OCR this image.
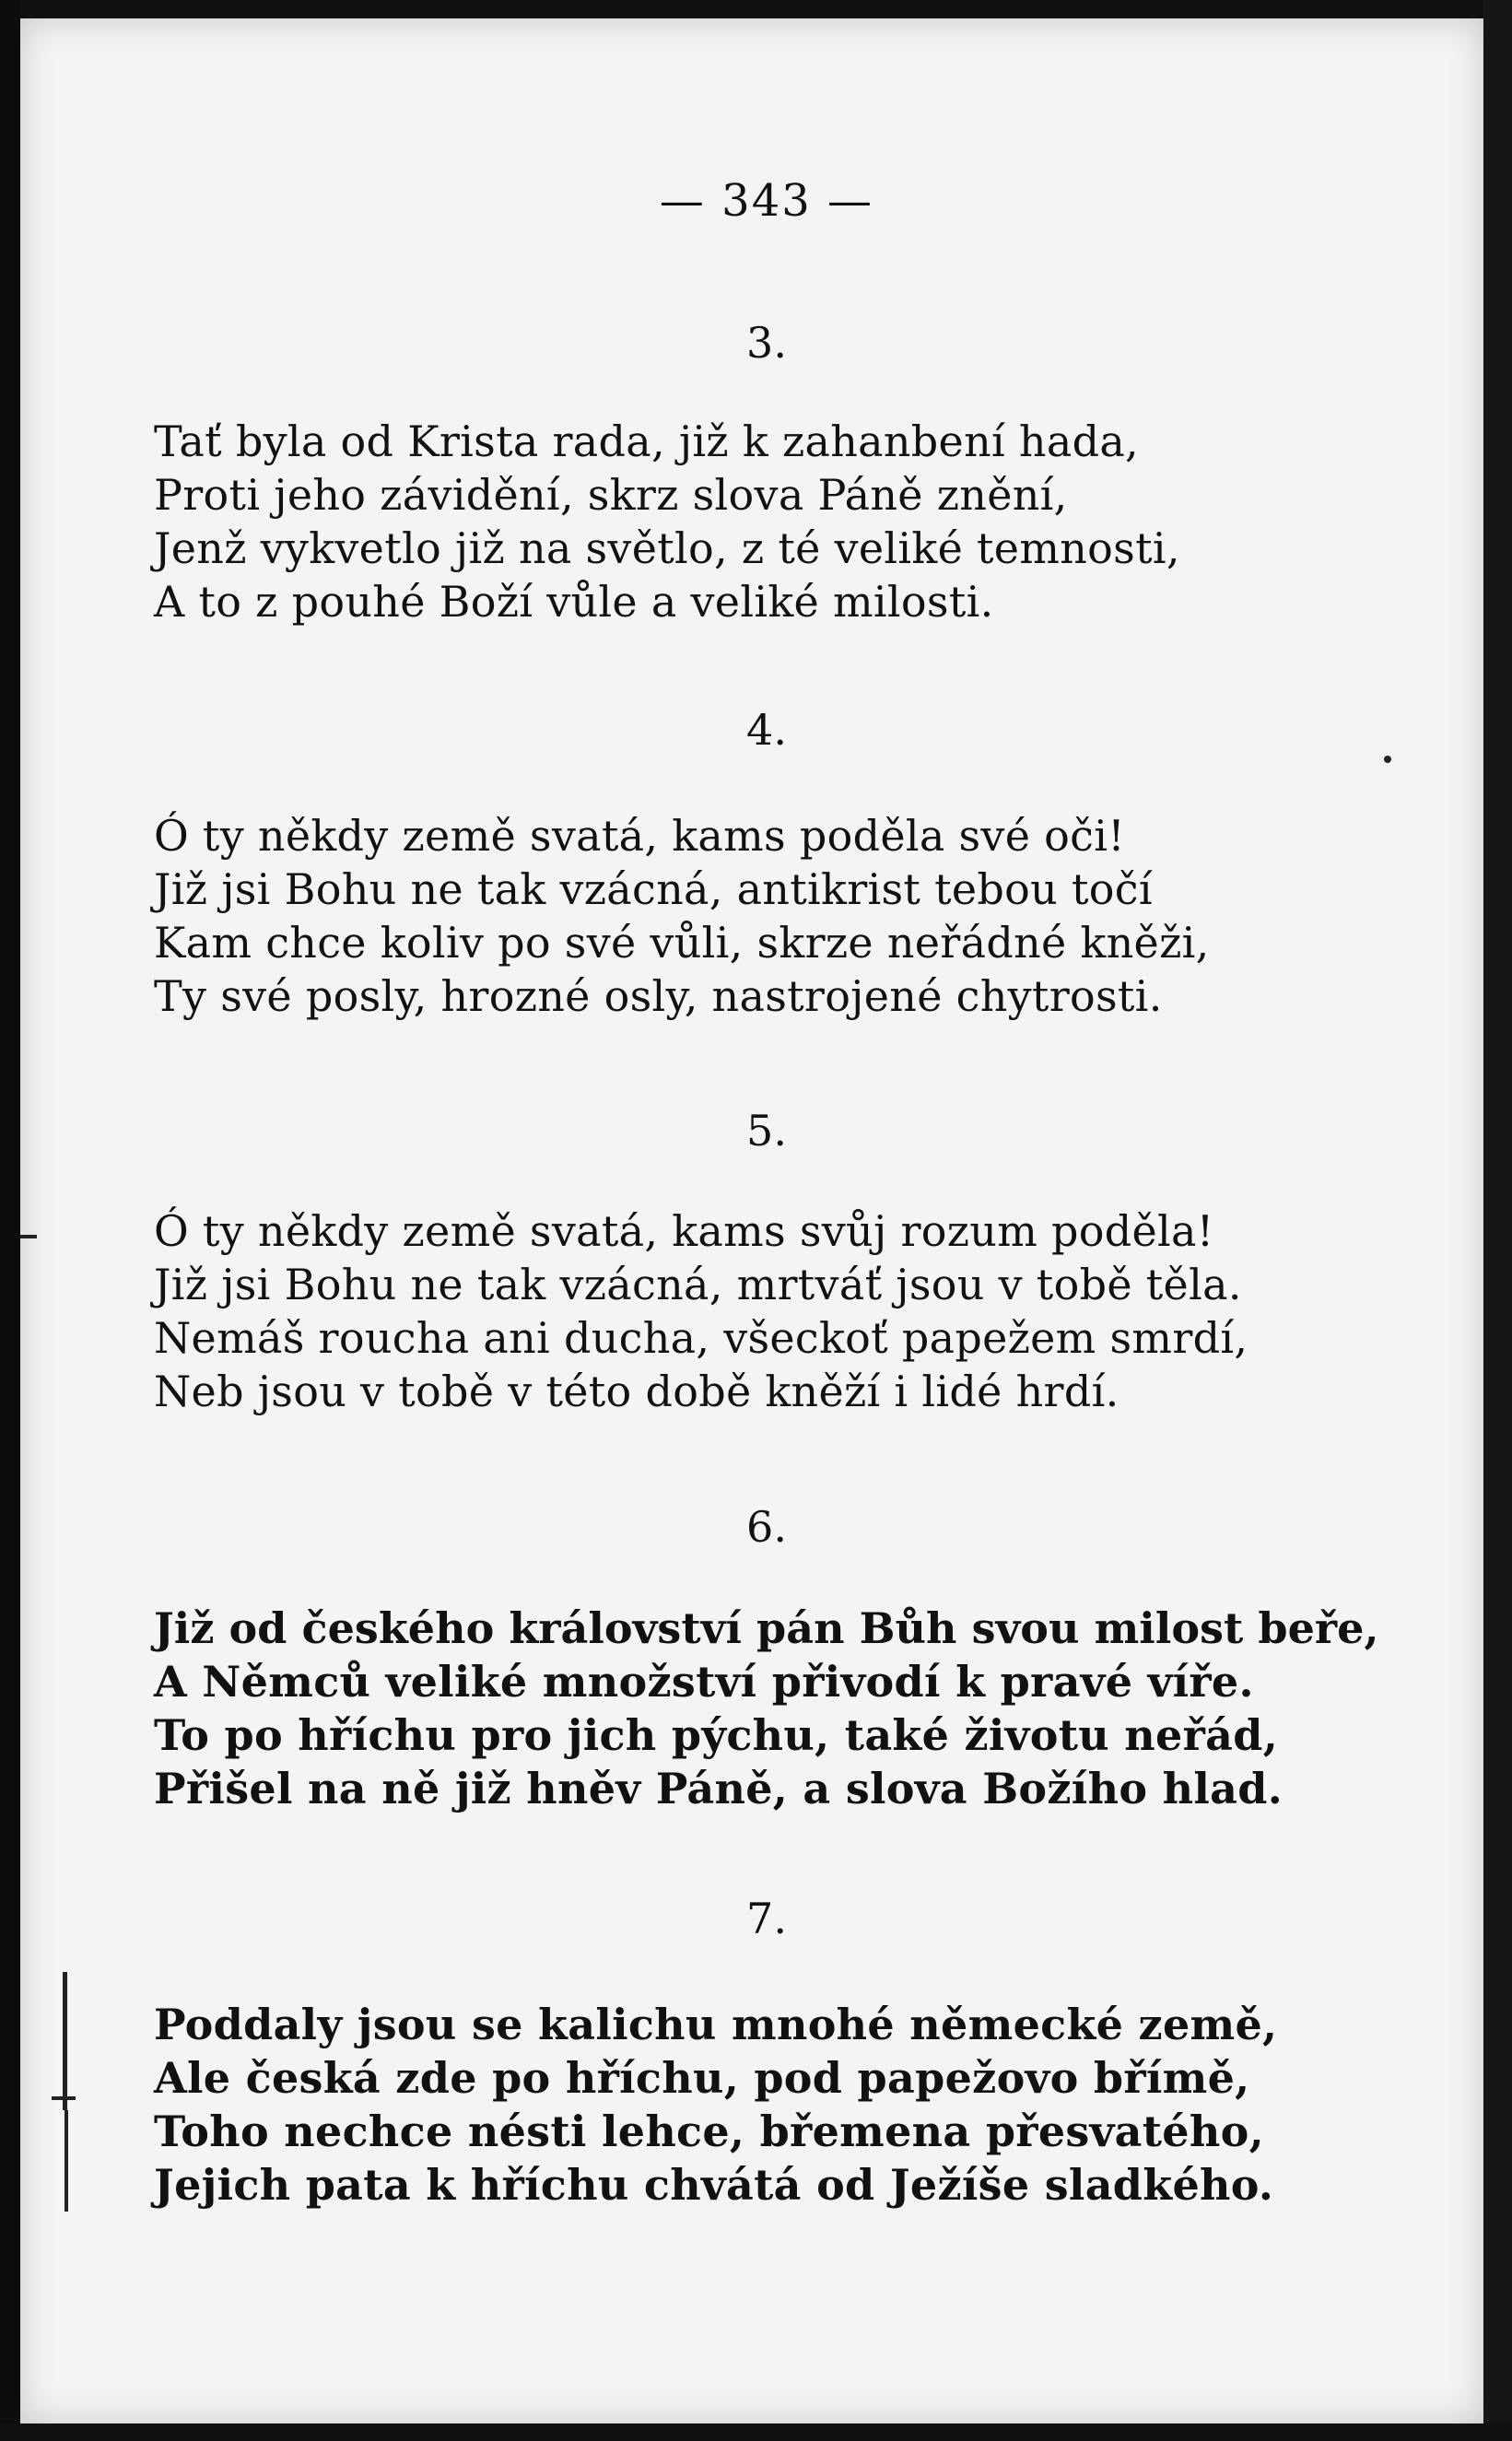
— 343 —
3.
Tať byla od Krista rada, již k zahanbení hada,
Proti jeho závidění, skrz slova Páně znění,
Jenž vykvetlo již na světlo, z té veliké temnosti,
A to z pouhé Boží vůle a veliké milosti.
4.
Ó ty někdy země svatá, kams poděla své oči!
Již jsi Bohu ne tak vzácná, antikrist tebou točí
Kam chce koliv po své vůli, skrze neřádné kněži,
Ty své posly, hrozné osly, nastrojené chytrosti.
5.
Ó ty někdy země svatá, kams svůj rozum poděla!
Již jsi Bohu ne tak vzácná, mrtváť jsou v tobě těla.
Nemáš roucha ani ducha, všeckoť papežem smrdí,
Neb jsou v tobě v této době kněží i lidé hrdí.
6.
Již od českého království pán Bůh svou milost beře,
A Němců veliké množství přivodí k pravé víře.
To po hříchu pro jich pýchu, také životu neřád,
Přišel na ně již hněv Páně, a slova Božího hlad.
7.
Poddaly jsou se kalichu mnohé německé země,
Ale česká zde po hříchu, pod papežovo břímě,
Toho nechce nésti lehce, břemena přesvatého,
Jejich pata k hříchu chvátá od Ježíše sladkého.
